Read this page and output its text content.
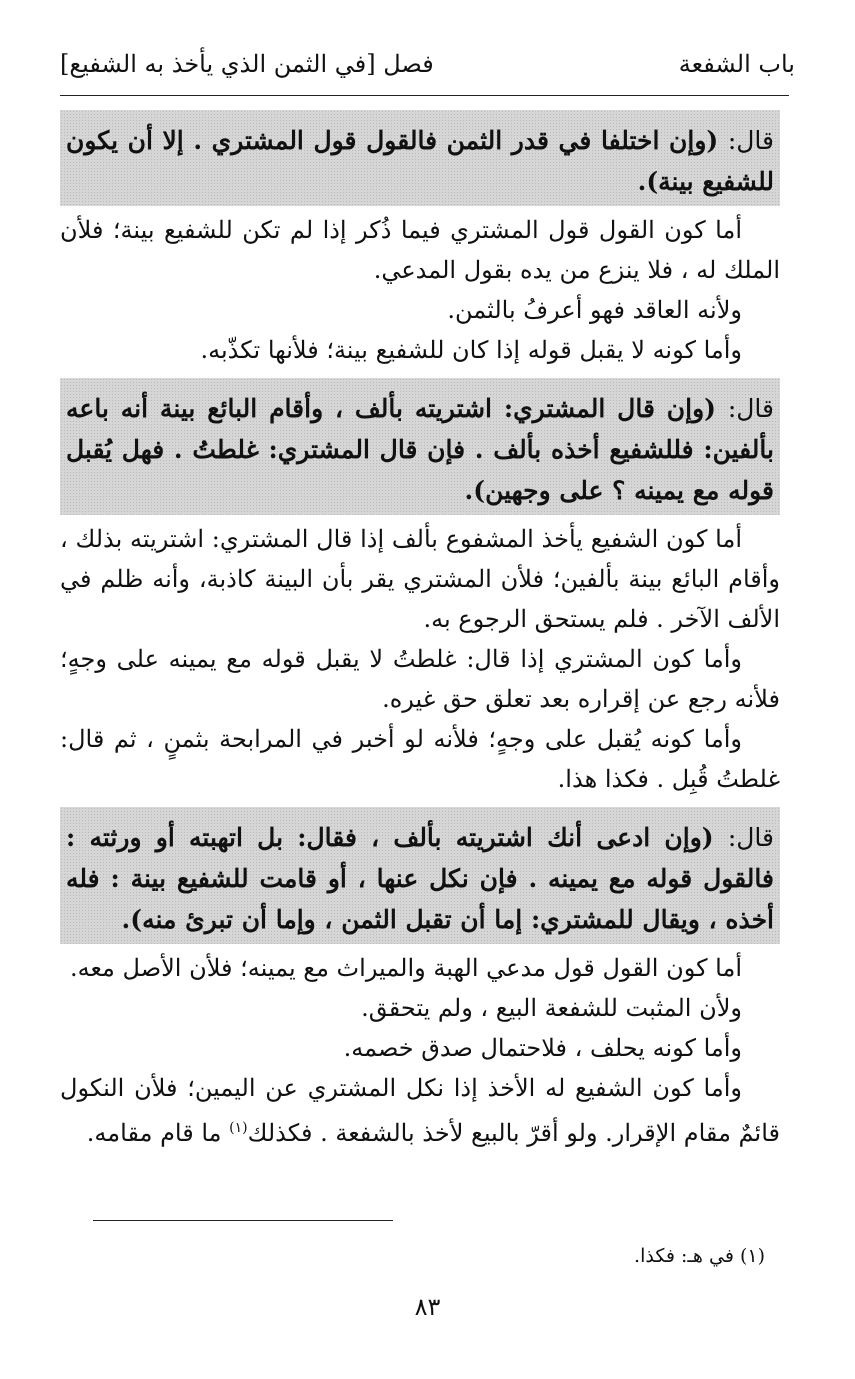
باب الشفعة
فصل [في الثمن الذي يأخذ به الشفيع]
قال: (وإن اختلفا في قدر الثمن فالقول قول المشتري . إلا أن يكون للشفيع بينة).

أما كون القول قول المشتري فيما ذُكر إذا لم تكن للشفيع بينة؛ فلأن الملك له ، فلا ينزع من يده بقول المدعي.

ولأنه العاقد فهو أعرفُ بالثمن.

وأما كونه لا يقبل قوله إذا كان للشفيع بينة؛ فلأنها تكذّبه.

قال: (وإن قال المشتري: اشتريته بألف ، وأقام البائع بينة أنه باعه بألفين: فللشفيع أخذه بألف . فإن قال المشتري: غلطتُ . فهل يُقبل قوله مع يمينه ؟ على وجهين).

أما كون الشفيع يأخذ المشفوع بألف إذا قال المشتري: اشتريته بذلك ، وأقام البائع بينة بألفين؛ فلأن المشتري يقر بأن البينة كاذبة، وأنه ظلم في الألف الآخر . فلم يستحق الرجوع به.

وأما كون المشتري إذا قال: غلطتُ لا يقبل قوله مع يمينه على وجهٍ؛ فلأنه رجع عن إقراره بعد تعلق حق غيره.

وأما كونه يُقبل على وجهٍ؛ فلأنه لو أخبر في المرابحة بثمنٍ ، ثم قال: غلطتُ قُبِل . فكذا هذا.

قال: (وإن ادعى أنك اشتريته بألف ، فقال: بل اتهبته أو ورثته : فالقول قوله مع يمينه . فإن نكل عنها ، أو قامت للشفيع بينة : فله أخذه ، ويقال للمشتري: إما أن تقبل الثمن ، وإما أن تبرئ منه).

أما كون القول قول مدعي الهبة والميراث مع يمينه؛ فلأن الأصل معه.

ولأن المثبت للشفعة البيع ، ولم يتحقق.

وأما كونه يحلف ، فلاحتمال صدق خصمه.

وأما كون الشفيع له الأخذ إذا نكل المشتري عن اليمين؛ فلأن النكول قائمٌ مقام الإقرار. ولو أقرّ بالبيع لأخذ بالشفعة . فكذلك$^{(١)}$ ما قام مقامه.

(١) في هـ: فكذا.
٨٣
